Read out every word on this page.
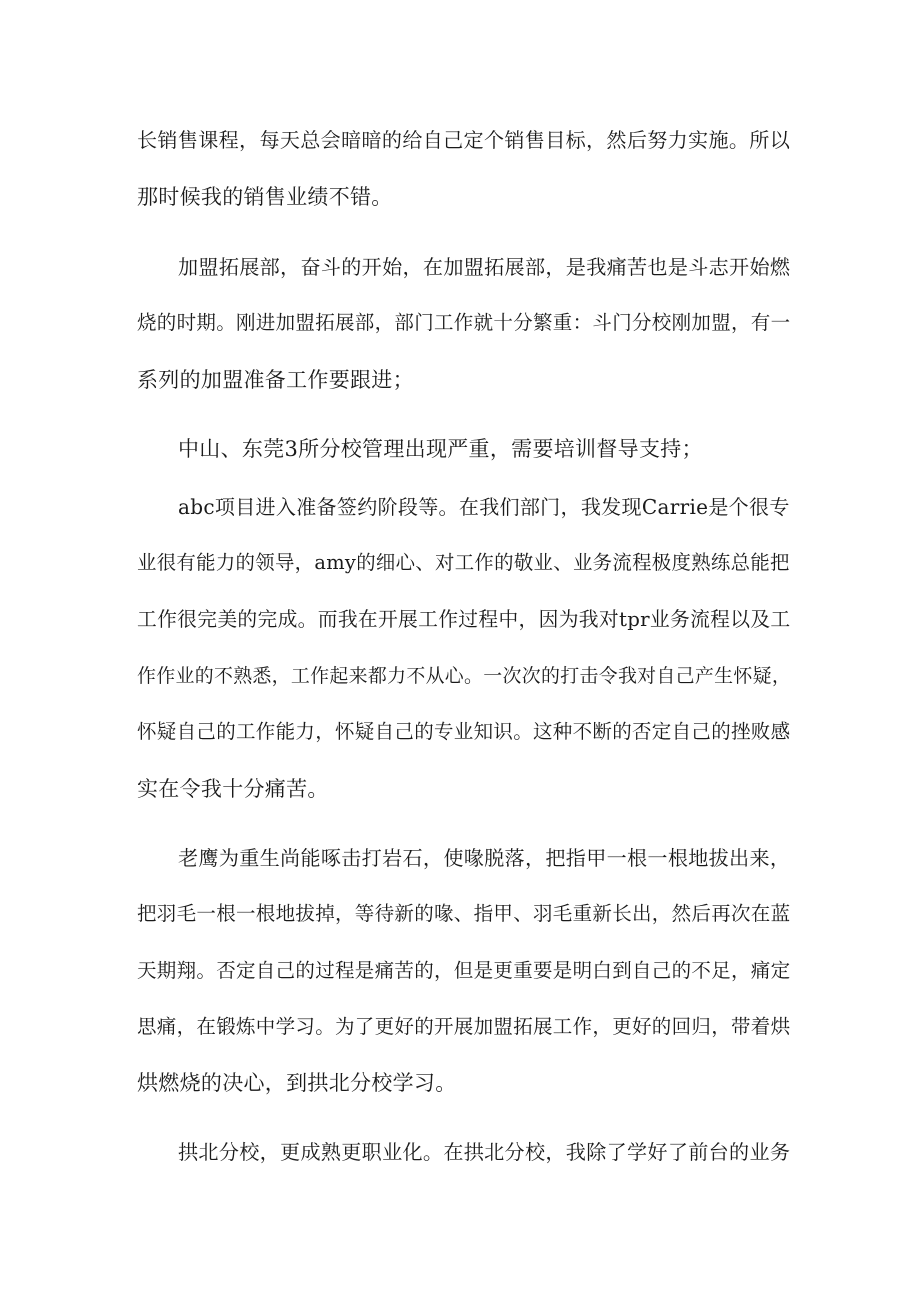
长销售课程，每天总会暗暗的给自己定个销售目标，然后努力实施。所以

那时候我的销售业绩不错。

加盟拓展部，奋斗的开始，在加盟拓展部，是我痛苦也是斗志开始燃

烧的时期。刚进加盟拓展部，部门工作就十分繁重：斗门分校刚加盟，有一

系列的加盟准备工作要跟进；

中山、东莞3所分校管理出现严重，需要培训督导支持；

abc项目进入准备签约阶段等。在我们部门，我发现Carrie是个很专

业很有能力的领导，amy的细心、对工作的敬业、业务流程极度熟练总能把

工作很完美的完成。而我在开展工作过程中，因为我对tpr业务流程以及工

作作业的不熟悉，工作起来都力不从心。一次次的打击令我对自己产生怀疑，

怀疑自己的工作能力，怀疑自己的专业知识。这种不断的否定自己的挫败感

实在令我十分痛苦。

老鹰为重生尚能啄击打岩石，使喙脱落，把指甲一根一根地拔出来，

把羽毛一根一根地拔掉，等待新的喙、指甲、羽毛重新长出，然后再次在蓝

天期翔。否定自己的过程是痛苦的，但是更重要是明白到自己的不足，痛定

思痛，在锻炼中学习。为了更好的开展加盟拓展工作，更好的回归，带着烘

烘燃烧的决心，到拱北分校学习。

拱北分校，更成熟更职业化。在拱北分校，我除了学好了前台的业务
